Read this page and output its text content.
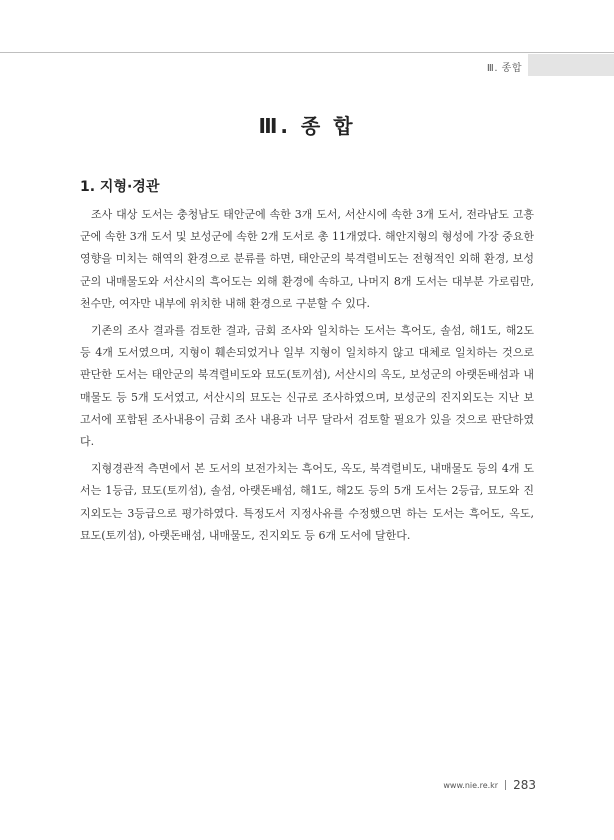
Ⅲ. 종합
Ⅲ. 종 합
1. 지형·경관

조사 대상 도서는 충청남도 태안군에 속한 3개 도서, 서산시에 속한 3개 도서, 전라남도 고흥군에 속한 3개 도서 및 보성군에 속한 2개 도서로 총 11개였다. 해안지형의 형성에 가장 중요한 영향을 미치는 해역의 환경으로 분류를 하면, 태안군의 북격렬비도는 전형적인 외해 환경, 보성군의 내매물도와 서산시의 흑어도는 외해 환경에 속하고, 나머지 8개 도서는 대부분 가로림만, 천수만, 여자만 내부에 위치한 내해 환경으로 구분할 수 있다.

기존의 조사 결과를 검토한 결과, 금회 조사와 일치하는 도서는 흑어도, 솔섬, 해1도, 해2도 등 4개 도서였으며, 지형이 훼손되었거나 일부 지형이 일치하지 않고 대체로 일치하는 것으로 판단한 도서는 태안군의 북격렬비도와 묘도(토끼섬), 서산시의 옥도, 보성군의 아랫돈배섬과 내매물도 등 5개 도서였고, 서산시의 묘도는 신규로 조사하였으며, 보성군의 진지외도는 지난 보고서에 포함된 조사내용이 금회 조사 내용과 너무 달라서 검토할 필요가 있을 것으로 판단하였다.

지형경관적 측면에서 본 도서의 보전가치는 흑어도, 옥도, 북격렬비도, 내매물도 등의 4개 도서는 1등급, 묘도(토끼섬), 솔섬, 아랫돈배섬, 해1도, 해2도 등의 5개 도서는 2등급, 묘도와 진지외도는 3등급으로 평가하였다. 특정도서 지정사유를 수정했으면 하는 도서는 흑어도, 옥도, 묘도(토끼섬), 아랫돈배섬, 내매물도, 진지외도 등 6개 도서에 달한다.

www.nie.re.kr 283
